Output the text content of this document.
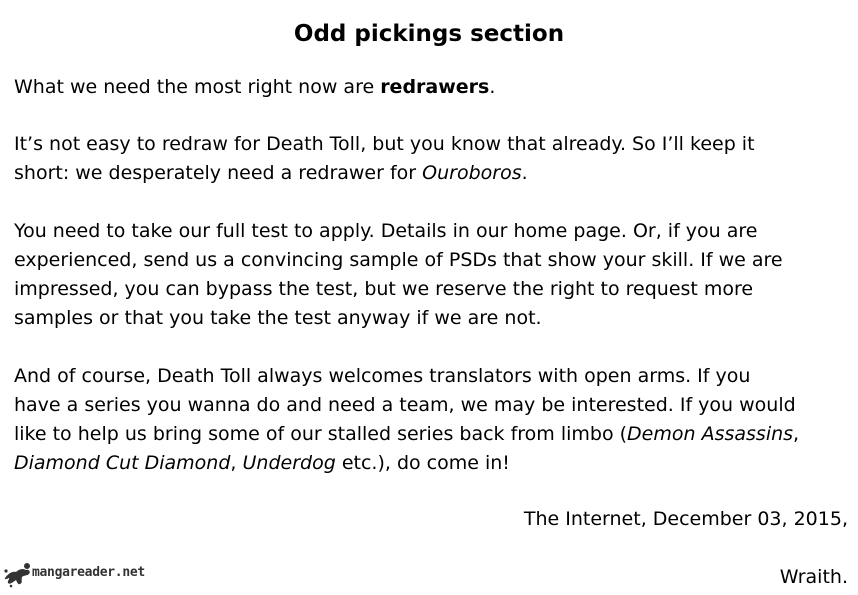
Odd pickings section

What we need the most right now are redrawers.

It’s not easy to redraw for Death Toll, but you know that already. So I’ll keep it
short: we desperately need a redrawer for Ouroboros.

You need to take our full test to apply. Details in our home page. Or, if you are
experienced, send us a convincing sample of PSDs that show your skill. If we are
impressed, you can bypass the test, but we reserve the right to request more
samples or that you take the test anyway if we are not.

And of course, Death Toll always welcomes translators with open arms. If you
have a series you wanna do and need a team, we may be interested. If you would
like to help us bring some of our stalled series back from limbo (Demon Assassins,
Diamond Cut Diamond, Underdog etc.), do come in!

The Internet, December 03, 2015,

Wraith.

mangareader.net
